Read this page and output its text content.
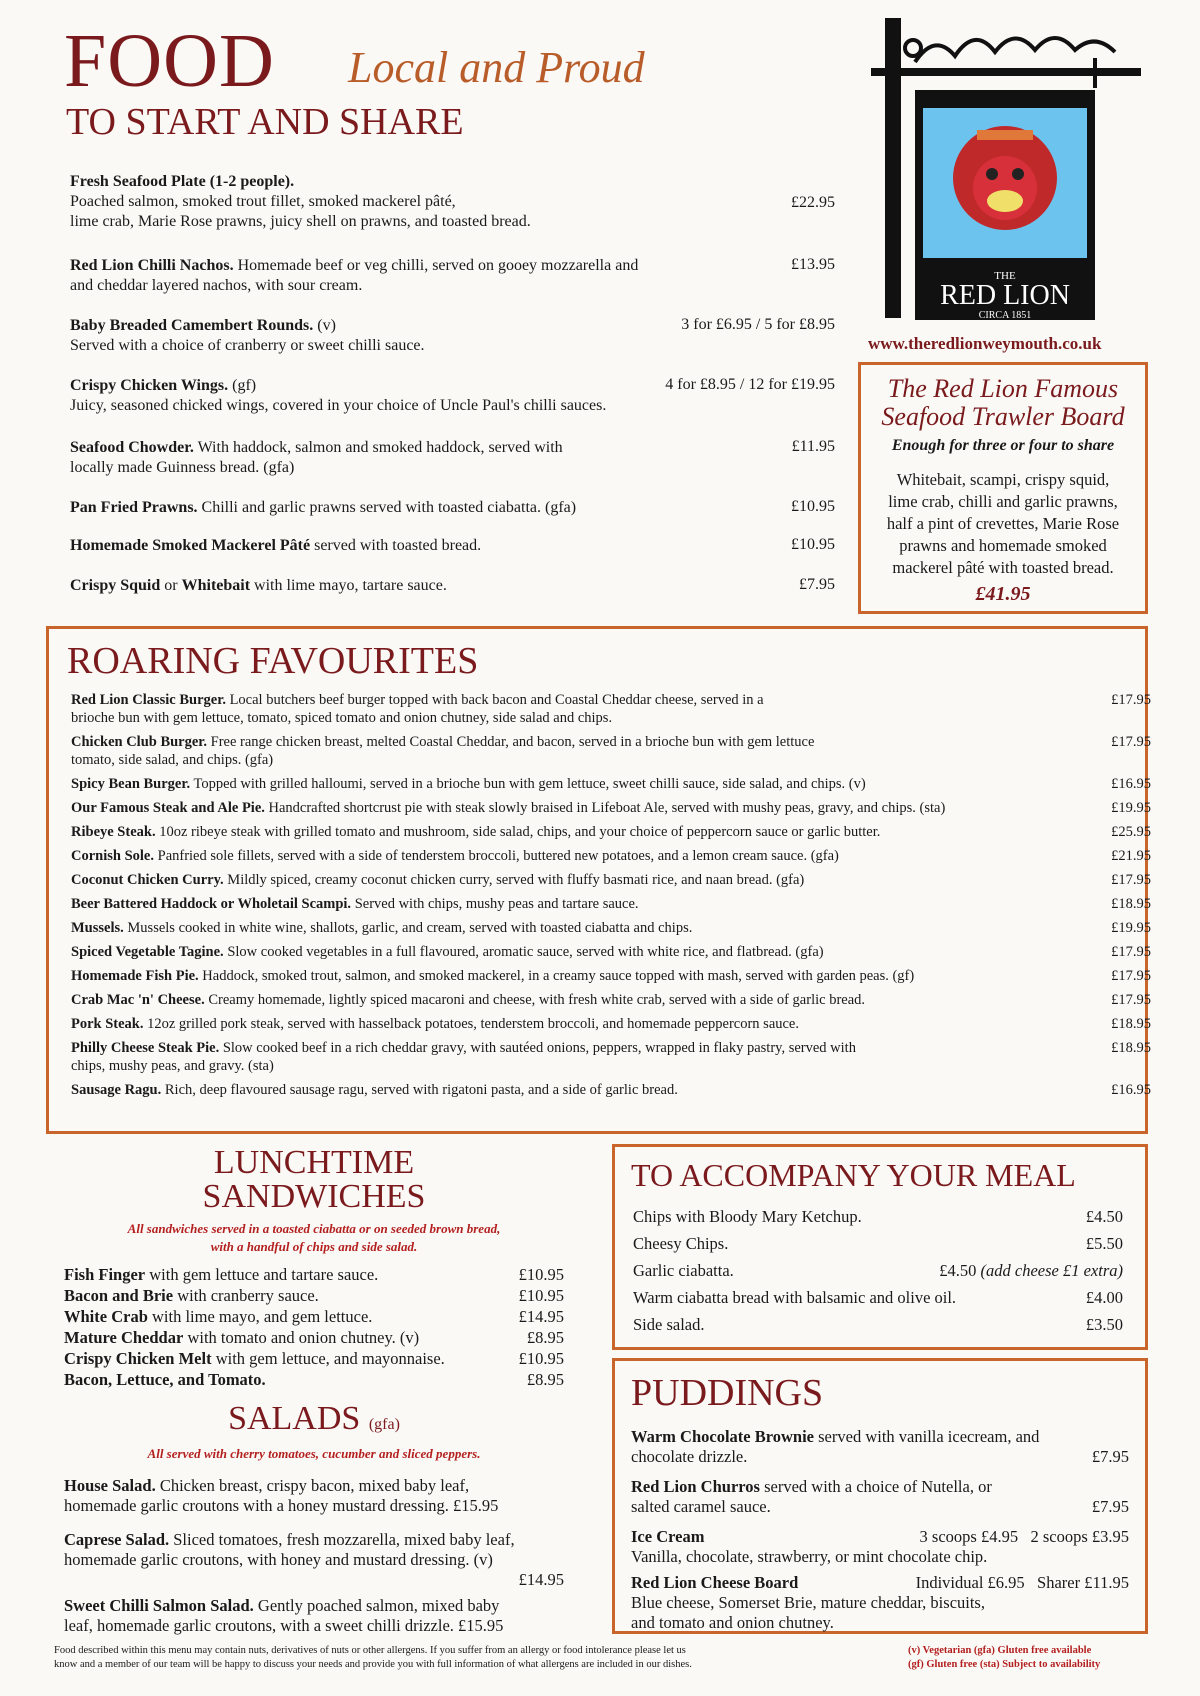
FOOD Local and Proud
TO START AND SHARE
THE
RED LION
CIRCA 1851
www.theredlionweymouth.co.uk
Fresh Seafood Plate (1-2 people).
Poached salmon, smoked trout fillet, smoked mackerel pâté,
lime crab, Marie Rose prawns, juicy shell on prawns, and toasted bread.
£22.95
Red Lion Chilli Nachos. Homemade beef or veg chilli, served on gooey mozzarella and
and cheddar layered nachos, with sour cream.
£13.95
Baby Breaded Camembert Rounds. (v)
Served with a choice of cranberry or sweet chilli sauce.
3 for £6.95 / 5 for £8.95
Crispy Chicken Wings. (gf)
Juicy, seasoned chicked wings, covered in your choice of Uncle Paul's chilli sauces.
4 for £8.95 / 12 for £19.95
Seafood Chowder. With haddock, salmon and smoked haddock, served with
locally made Guinness bread. (gfa)
£11.95
Pan Fried Prawns. Chilli and garlic prawns served with toasted ciabatta. (gfa)	£10.95
Homemade Smoked Mackerel Pâté served with toasted bread.	£10.95
Crispy Squid or Whitebait with lime mayo, tartare sauce.	£7.95
The Red Lion Famous
Seafood Trawler Board
Enough for three or four to share
Whitebait, scampi, crispy squid,
lime crab, chilli and garlic prawns,
half a pint of crevettes, Marie Rose
prawns and homemade smoked
mackerel pâté with toasted bread.
£41.95
ROARING FAVOURITES
Red Lion Classic Burger. Local butchers beef burger topped with back bacon and Coastal Cheddar cheese, served in a
brioche bun with gem lettuce, tomato, spiced tomato and onion chutney, side salad and chips.
£17.95
Chicken Club Burger. Free range chicken breast, melted Coastal Cheddar, and bacon, served in a brioche bun with gem lettuce
tomato, side salad, and chips. (gfa)
£17.95
Spicy Bean Burger. Topped with grilled halloumi, served in a brioche bun with gem lettuce, sweet chilli sauce, side salad, and chips. (v)	£16.95
Our Famous Steak and Ale Pie. Handcrafted shortcrust pie with steak slowly braised in Lifeboat Ale, served with mushy peas, gravy, and chips. (sta)	£19.95
Ribeye Steak. 10oz ribeye steak with grilled tomato and mushroom, side salad, chips, and your choice of peppercorn sauce or garlic butter.	£25.95
Cornish Sole. Panfried sole fillets, served with a side of tenderstem broccoli, buttered new potatoes, and a lemon cream sauce. (gfa)	£21.95
Coconut Chicken Curry. Mildly spiced, creamy coconut chicken curry, served with fluffy basmati rice, and naan bread. (gfa)	£17.95
Beer Battered Haddock or Wholetail Scampi. Served with chips, mushy peas and tartare sauce.	£18.95
Mussels. Mussels cooked in white wine, shallots, garlic, and cream, served with toasted ciabatta and chips.	£19.95
Spiced Vegetable Tagine. Slow cooked vegetables in a full flavoured, aromatic sauce, served with white rice, and flatbread. (gfa)	£17.95
Homemade Fish Pie. Haddock, smoked trout, salmon, and smoked mackerel, in a creamy sauce topped with mash, served with garden peas. (gf)	£17.95
Crab Mac 'n' Cheese. Creamy homemade, lightly spiced macaroni and cheese, with fresh white crab, served with a side of garlic bread.	£17.95
Pork Steak. 12oz grilled pork steak, served with hasselback potatoes, tenderstem broccoli, and homemade peppercorn sauce.	£18.95
Philly Cheese Steak Pie. Slow cooked beef in a rich cheddar gravy, with sautéed onions, peppers, wrapped in flaky pastry, served with
chips, mushy peas, and gravy. (sta)
£18.95
Sausage Ragu. Rich, deep flavoured sausage ragu, served with rigatoni pasta, and a side of garlic bread.	£16.95
LUNCHTIME
SANDWICHES
All sandwiches served in a toasted ciabatta or on seeded brown bread,
with a handful of chips and side salad.
Fish Finger with gem lettuce and tartare sauce.	£10.95
Bacon and Brie with cranberry sauce.	£10.95
White Crab with lime mayo, and gem lettuce.	£14.95
Mature Cheddar with tomato and onion chutney. (v)	£8.95
Crispy Chicken Melt with gem lettuce, and mayonnaise.	£10.95
Bacon, Lettuce, and Tomato.	£8.95
SALADS (gfa)
All served with cherry tomatoes, cucumber and sliced peppers.
House Salad. Chicken breast, crispy bacon, mixed baby leaf,
homemade garlic croutons with a honey mustard dressing. £15.95
Caprese Salad. Sliced tomatoes, fresh mozzarella, mixed baby leaf,
homemade garlic croutons, with honey and mustard dressing. (v)

£14.95
Sweet Chilli Salmon Salad. Gently poached salmon, mixed baby
leaf, homemade garlic croutons, with a sweet chilli drizzle. £15.95
TO ACCOMPANY YOUR MEAL
Chips with Bloody Mary Ketchup.	£4.50
Cheesy Chips.	£5.50
Garlic ciabatta.	£4.50 (add cheese £1 extra)
Warm ciabatta bread with balsamic and olive oil.	£4.00
Side salad.	£3.50
PUDDINGS
Warm Chocolate Brownie served with vanilla icecream, and
chocolate drizzle.	£7.95
Red Lion Churros served with a choice of Nutella, or
salted caramel sauce.	£7.95
Ice Cream
Vanilla, chocolate, strawberry, or mint chocolate chip.
3 scoops £4.95   2 scoops £3.95
Red Lion Cheese Board
Blue cheese, Somerset Brie, mature cheddar, biscuits,
and tomato and onion chutney.
Individual £6.95   Sharer £11.95
Food described within this menu may contain nuts, derivatives of nuts or other allergens. If you suffer from an allergy or food intolerance please let us
know and a member of our team will be happy to discuss your needs and provide you with full information of what allergens are included in our dishes.
(v) Vegetarian (gfa) Gluten free available
(gf) Gluten free (sta) Subject to availability
